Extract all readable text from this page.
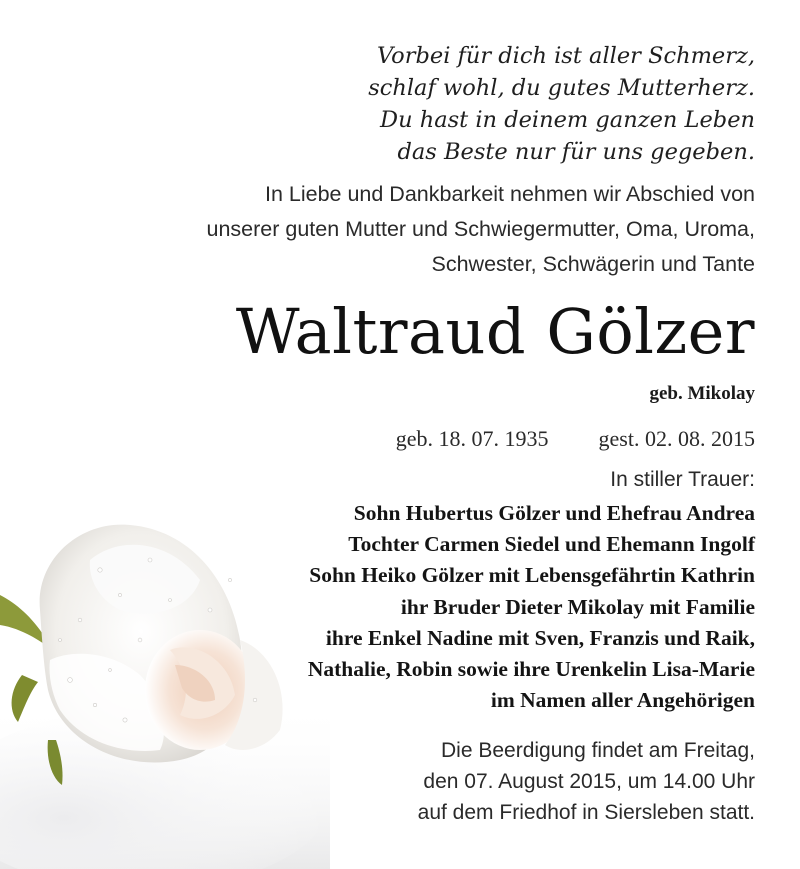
Vorbei für dich ist aller Schmerz,
schlaf wohl, du gutes Mutterherz.
Du hast in deinem ganzen Leben
das Beste nur für uns gegeben.
In Liebe und Dankbarkeit nehmen wir Abschied von
unserer guten Mutter und Schwiegermutter, Oma, Uroma,
Schwester, Schwägerin und Tante
Waltraud Gölzer
geb. Mikolay
geb. 18. 07. 1935 gest. 02. 08. 2015
In stiller Trauer:
Sohn Hubertus Gölzer und Ehefrau Andrea
Tochter Carmen Siedel und Ehemann Ingolf
Sohn Heiko Gölzer mit Lebensgefährtin Kathrin
ihr Bruder Dieter Mikolay mit Familie
ihre Enkel Nadine mit Sven, Franzis und Raik,
Nathalie, Robin sowie ihre Urenkelin Lisa-Marie
im Namen aller Angehörigen
Die Beerdigung findet am Freitag,
den 07. August 2015, um 14.00 Uhr
auf dem Friedhof in Siersleben statt.
